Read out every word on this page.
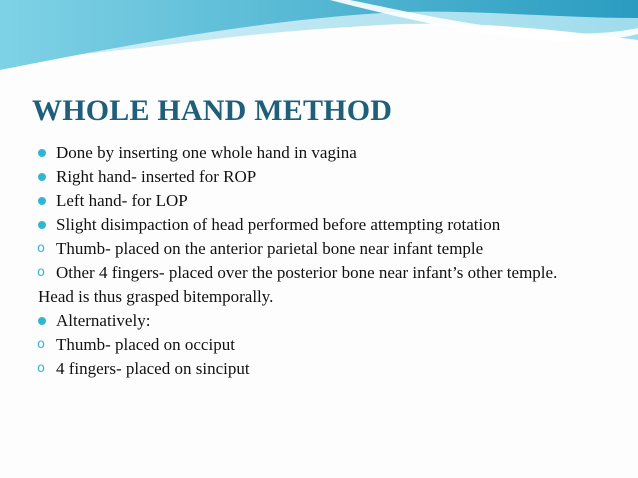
WHOLE HAND METHOD
Done by inserting one whole hand in vagina
Right hand- inserted for ROP
Left hand- for LOP
Slight disimpaction of head performed before attempting rotation
o Thumb- placed on the anterior parietal bone near infant temple
o Other 4 fingers- placed over the posterior bone near infant’s other temple.
Head is thus grasped bitemporally.
Alternatively:
o Thumb- placed on occiput
o 4 fingers- placed on sinciput
